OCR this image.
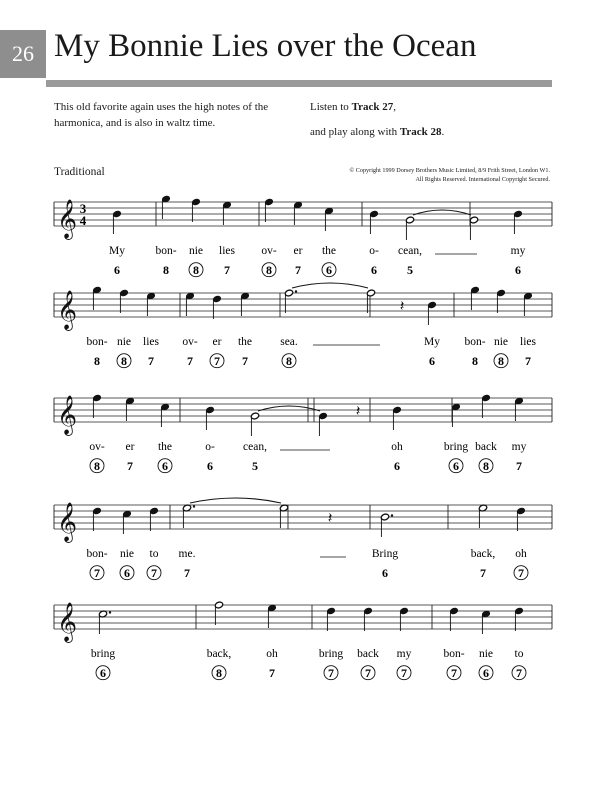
26 My Bonnie Lies over the Ocean

This old favorite again uses the high notes of the harmonica, and is also in waltz time.

Listen to Track 27,

and play along with Track 28.

Traditional	© Copyright 1999 Dorsey Brothers Music Limited, 8/9 Frith Street, London W1.
All Rights Reserved. International Copyright Secured.
𝄞 3
4
My
6
bon-
8
nie
8
lies
7
ov-
8
er
7
the
6
o-
6
cean,
5
my
6
𝄞
bon-
8
nie
8
lies
7
ov-
7
er
7
the
7
sea.
8
𝄽
My
6
bon-
8
nie
8
lies
7
𝄞
ov-
8
er
7
the
6
o-
6
cean,
5
𝄽
oh
6
bring
6
back
8
my
7
𝄞
bon-
7
nie
6
to
7
me.
7
𝄽
Bring
6
back,
7
oh
7
𝄞
bring
6
back,
8
oh
7
bring
7
back
7
my
7
bon-
7
nie
6
to
7
